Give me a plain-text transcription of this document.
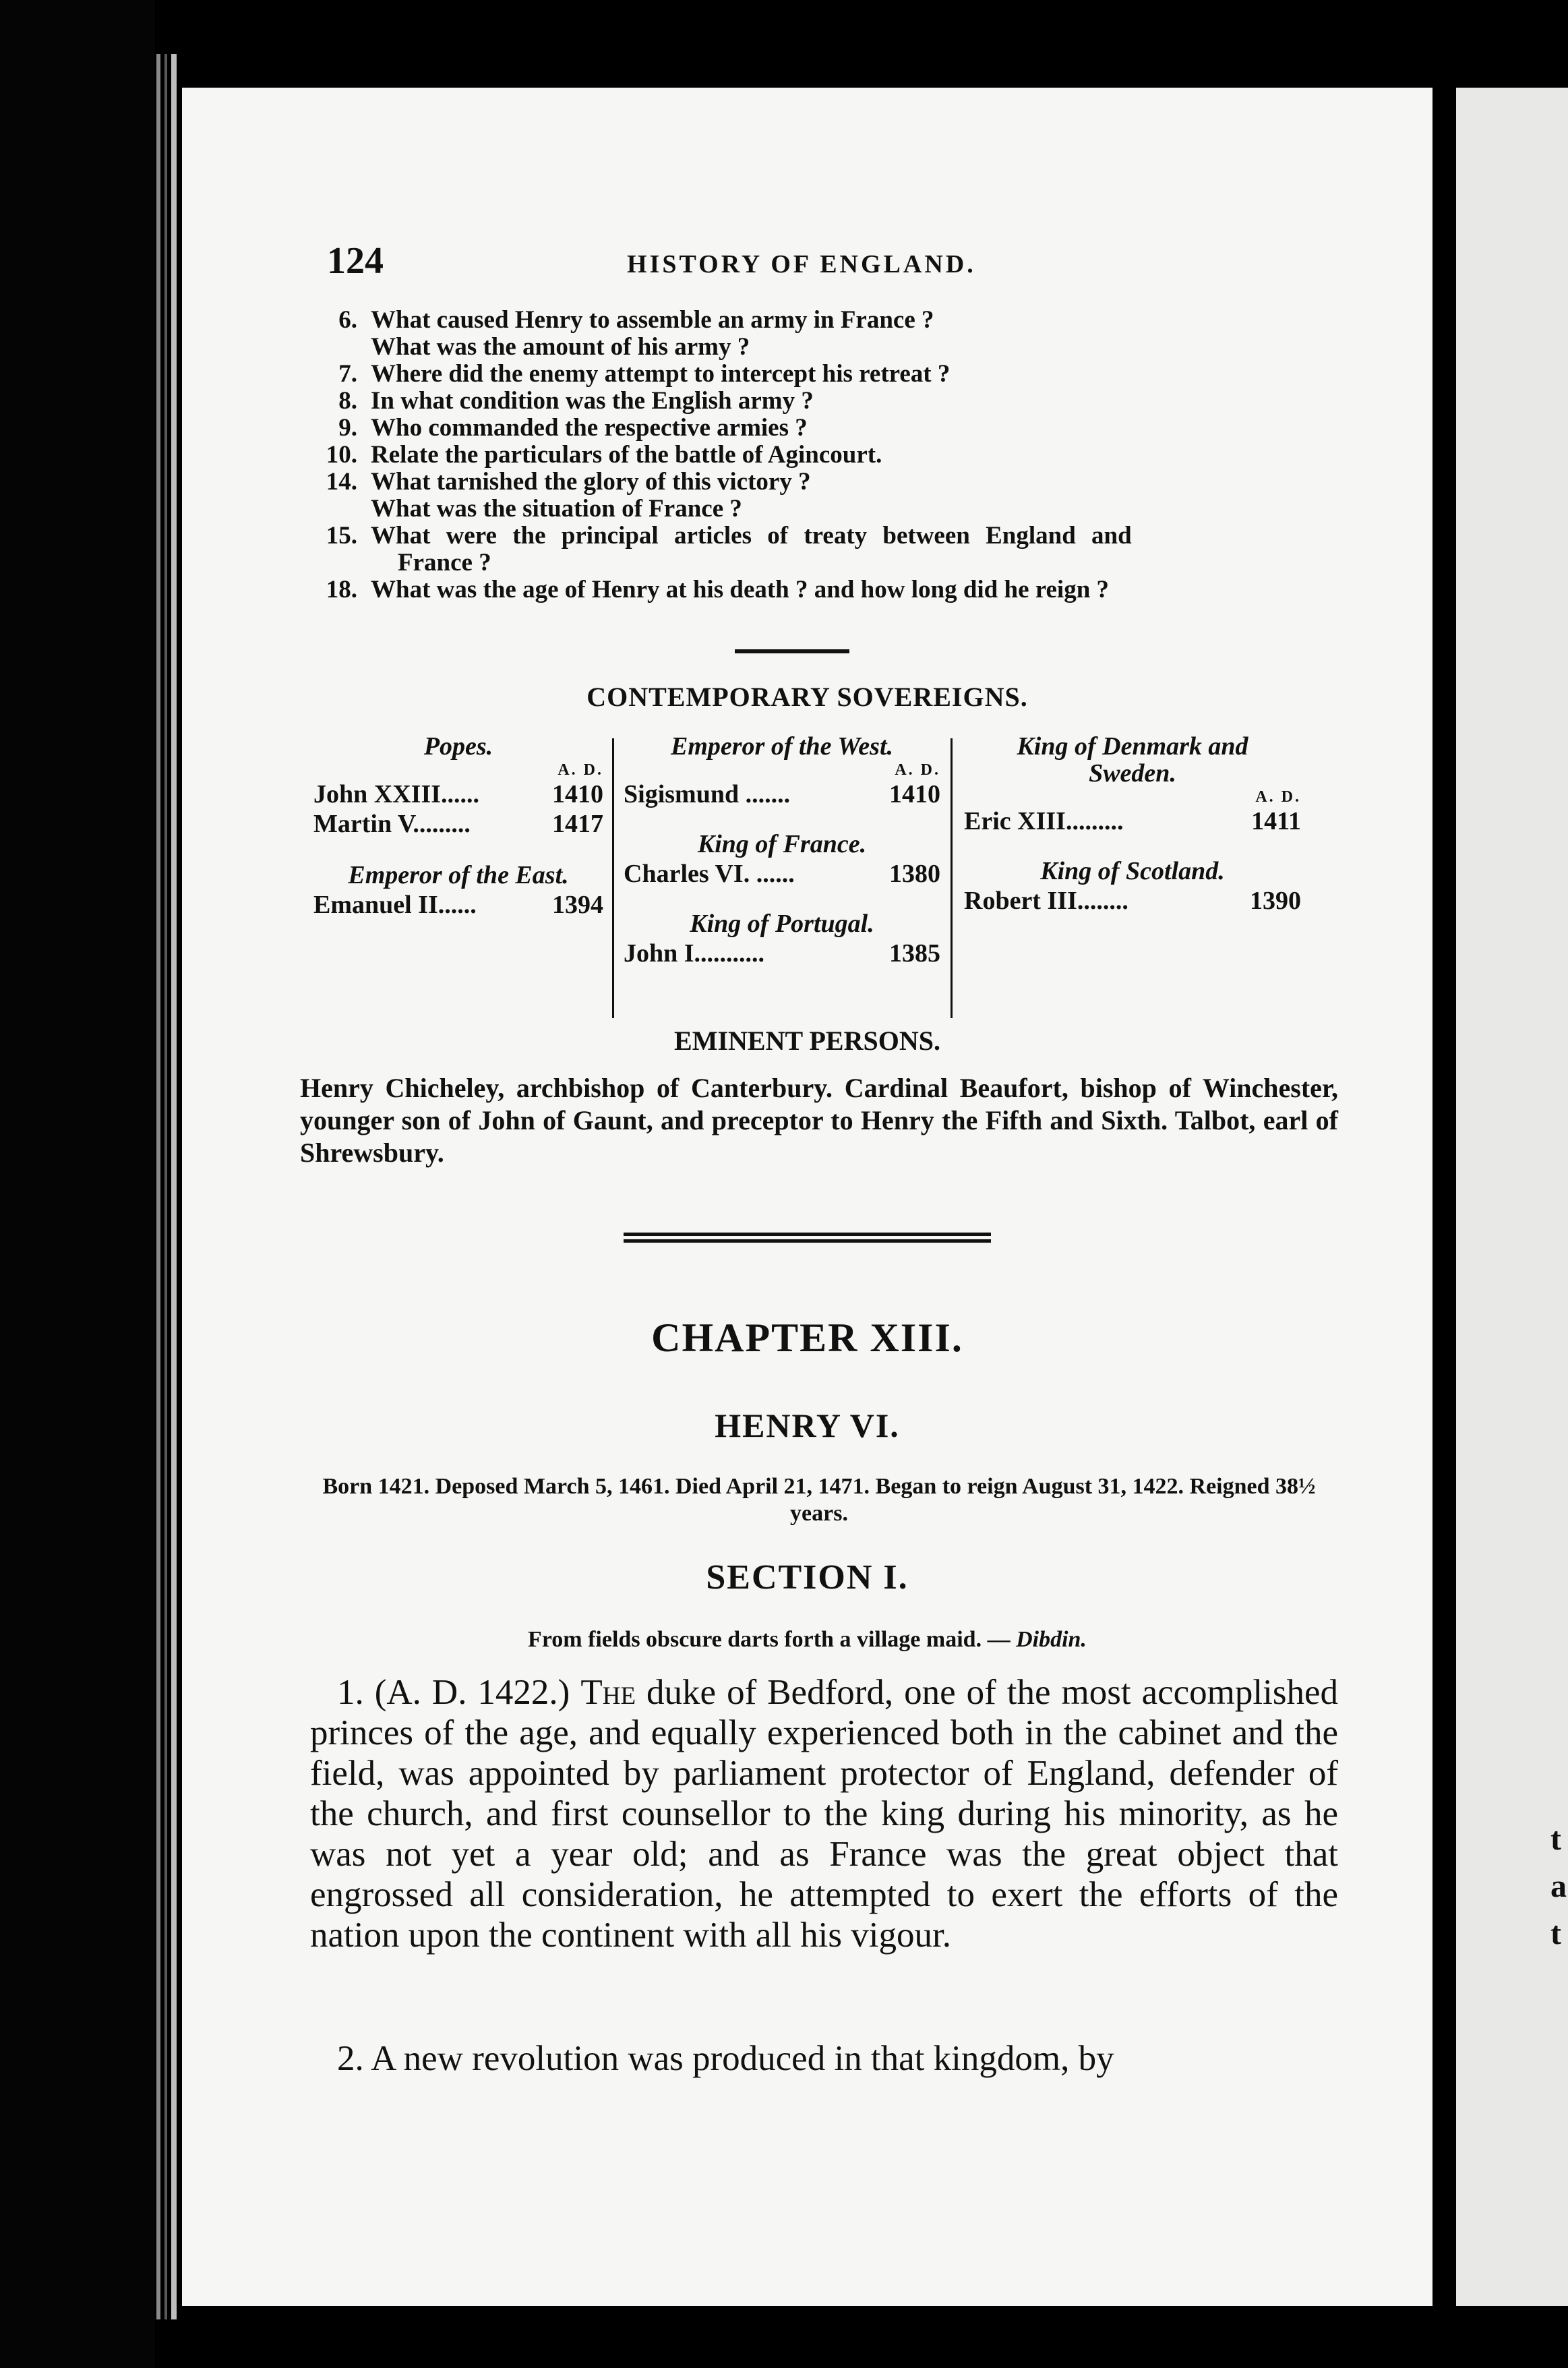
t
a
t
124	HISTORY OF ENGLAND.
6. What caused Henry to assemble an army in France ?
What was the amount of his army ?
7. Where did the enemy attempt to intercept his retreat ?
8. In what condition was the English army ?
9. Who commanded the respective armies ?
10. Relate the particulars of the battle of Agincourt.
14. What tarnished the glory of this victory ?
What was the situation of France ?
15. What were the principal articles of treaty between England and
France ?
18. What was the age of Henry at his death ? and how long did he reign ?
CONTEMPORARY SOVEREIGNS.
Popes.
A. D.
John XXIII......	1410
Martin V.........	1417
Emperor of the East.
Emanuel II......	1394
Emperor of the West.
A. D.
Sigismund .......	1410
King of France.
Charles VI. ......	1380
King of Portugal.
John I...........	1385
King of Denmark and
Sweden.
A. D.
Eric XIII.........	1411
King of Scotland.
Robert III........	1390
EMINENT PERSONS.
Henry Chicheley, archbishop of Canterbury. Cardinal Beaufort, bishop of Winchester, younger son of John of Gaunt, and preceptor to Henry the Fifth and Sixth. Talbot, earl of Shrewsbury.
CHAPTER XIII.
HENRY VI.
Born 1421. Deposed March 5, 1461. Died April 21, 1471. Began to reign August 31, 1422. Reigned 38½ years.
SECTION I.
From fields obscure darts forth a village maid. — Dibdin.
1. (A. D. 1422.) The duke of Bedford, one of the most accomplished princes of the age, and equally experienced both in the cabinet and the field, was appointed by parliament protector of England, defender of the church, and first counsellor to the king during his minority, as he was not yet a year old; and as France was the great object that engrossed all consideration, he attempted to exert the efforts of the nation upon the continent with all his vigour.
2. A new revolution was produced in that kingdom, by
